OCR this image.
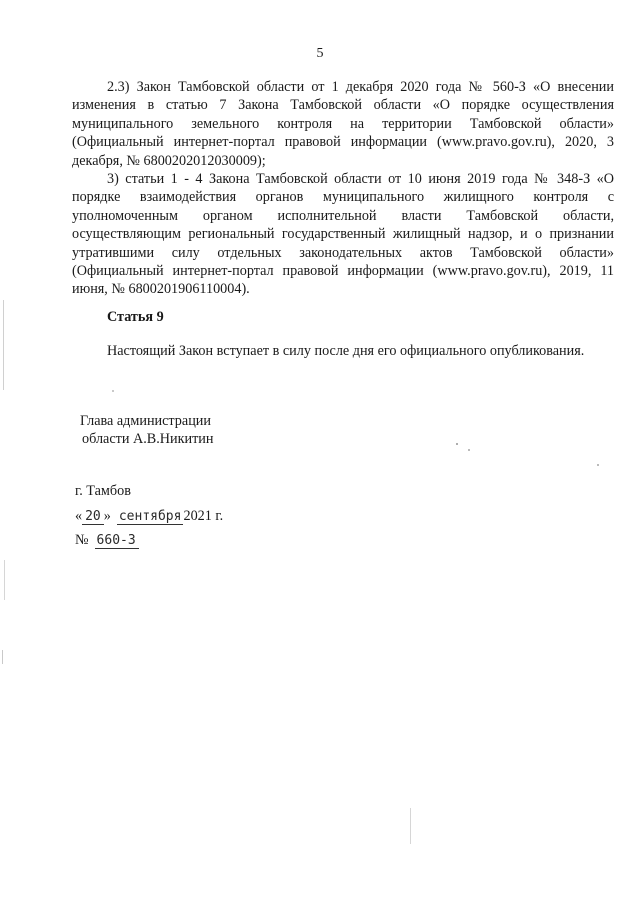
5

2.3) Закон Тамбовской области от 1 декабря 2020 года № 560-З «О внесении изменения в статью 7 Закона Тамбовской области «О порядке осуществления муниципального земельного контроля на территории Тамбовской области» (Официальный интернет-портал правовой информации (www.pravo.gov.ru), 2020, 3 декабря, № 6800202012030009);

3) статьи 1 - 4 Закона Тамбовской области от 10 июня 2019 года № 348-З «О порядке взаимодействия органов муниципального жилищного контроля с уполномоченным органом исполнительной власти Тамбовской области, осуществляющим региональный государственный жилищный надзор, и о признании утратившими силу отдельных законодательных актов Тамбовской области» (Официальный интернет-портал правовой информации (www.pravo.gov.ru), 2019, 11 июня, № 6800201906110004).

Статья 9

Настоящий Закон вступает в силу после дня его официального опубликования.

Глава администрации
области А.В.Никитин
г. Тамбов
« 20 » сентября 2021 г.
№ 660-З
